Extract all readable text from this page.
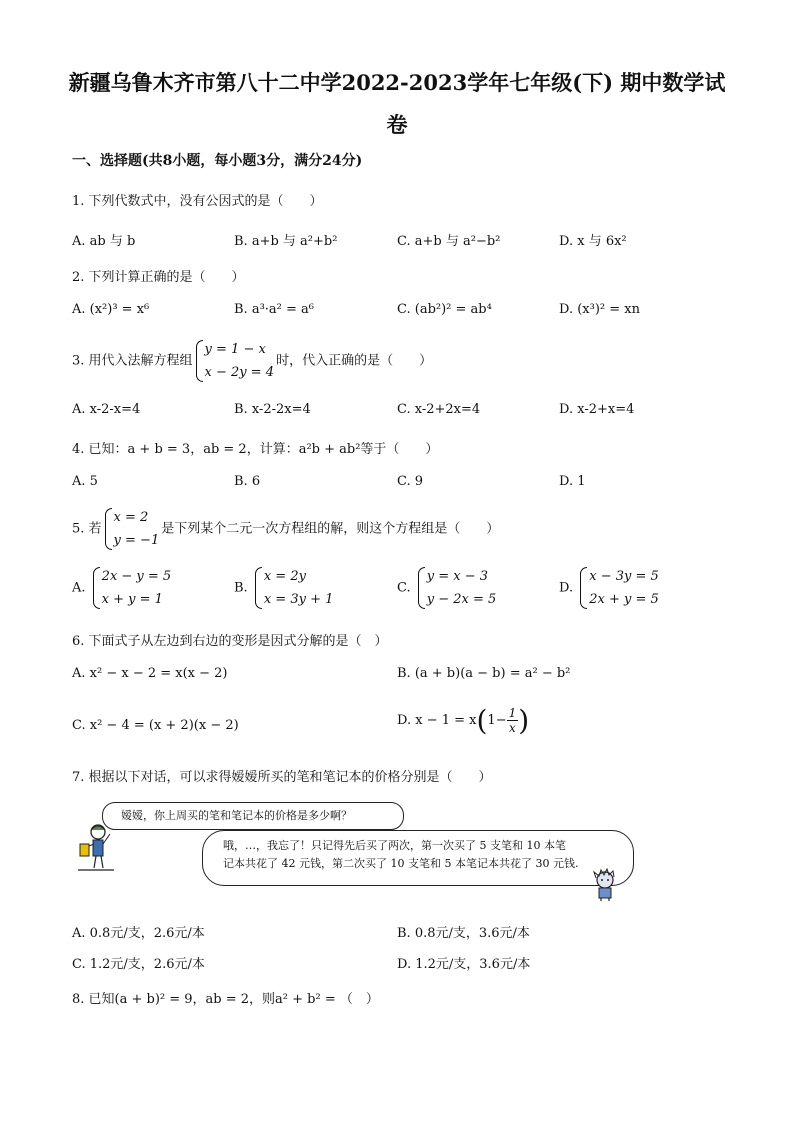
新疆乌鲁木齐市第八十二中学2022-2023学年七年级(下) 期中数学试
卷
一、选择题(共8小题，每小题3分，满分24分)
1. 下列代数式中，没有公因式的是（　　）
A. ab 与 b	B. a+b 与 a²+b²	C. a+b 与 a²−b²	D. x 与 6x²
2. 下列计算正确的是（　　）
A. (x²)³ = x⁶	B. a³·a² = a⁶	C. (ab²)² = ab⁴	D. (x³)² = xn
3. 用代入法解方程组
y = 1 − x
x − 2y = 4
时，代入正确的是（　　）
A. x-2-x=4	B. x-2-2x=4	C. x-2+2x=4	D. x-2+x=4
4. 已知：a + b = 3，ab = 2，计算：a²b + ab²等于（　　）
A. 5	B. 6	C. 9	D. 1
5. 若
x = 2
y = −1
是下列某个二元一次方程组的解，则这个方程组是（　　）
A.
2x − y = 5
x + y = 1
B.
x = 2y
x = 3y + 1
C.
y = x − 3
y − 2x = 5
D.
x − 3y = 5
2x + y = 5
6. 下面式子从左边到右边的变形是因式分解的是（　）
A. x² − x − 2 = x(x − 2)	B. (a + b)(a − b) = a² − b²
C. x² − 4 = (x + 2)(x − 2)	D. $x - 1 = x(1- \frac{1}{x}$ )
7. 根据以下对话，可以求得嫒嫒所买的笔和笔记本的价格分别是（　　）
嫒嫒，你上周买的笔和笔记本的价格是多少啊？
哦，…，我忘了！只记得先后买了两次，第一次买了 5 支笔和 10 本笔
记本共花了 42 元钱，第二次买了 10 支笔和 5 本笔记本共花了 30 元钱.
A. 0.8元/支，2.6元/本	B. 0.8元/支，3.6元/本
C. 1.2元/支，2.6元/本	D. 1.2元/支，3.6元/本
8. 已知(a + b)² = 9，ab = 2，则a² + b² = （　）
